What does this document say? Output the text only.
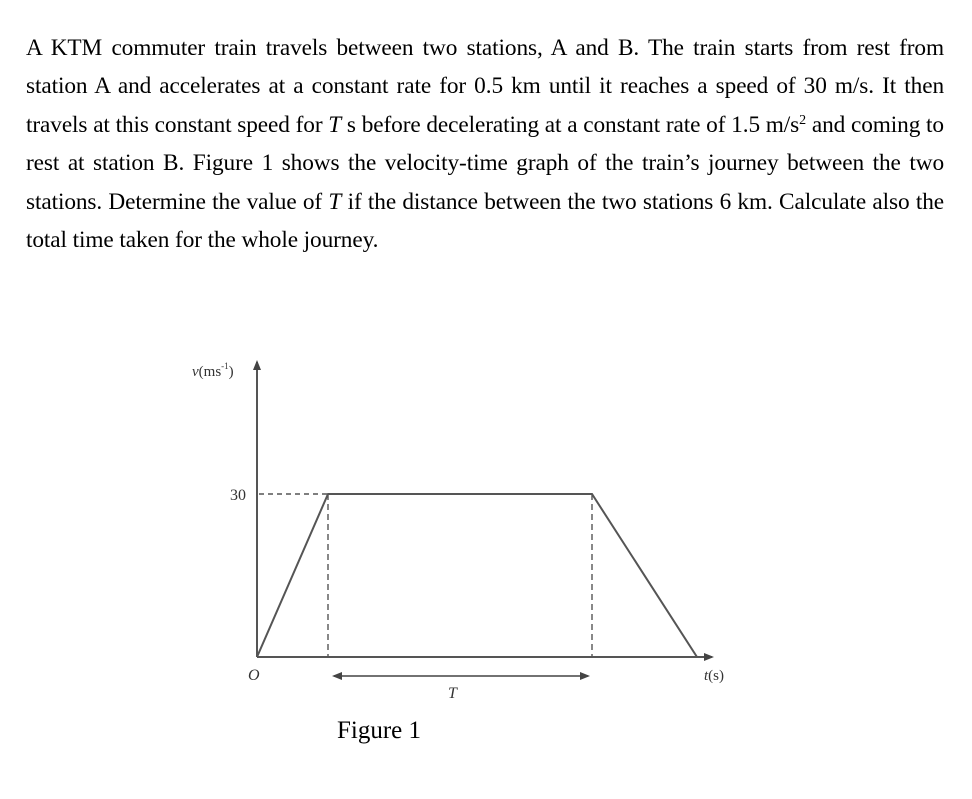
A KTM commuter train travels between two stations, A and B. The train starts from rest from station A and accelerates at a constant rate for 0.5 km until it reaches a speed of 30 m/s. It then travels at this constant speed for T s before decelerating at a constant rate of 1.5 $m/s^2$ and coming to rest at station B. Figure 1 shows the velocity-time graph of the train’s journey between the two stations. Determine the value of T if the distance between the two stations 6 km. Calculate also the total time taken for the whole journey.

$v(ms^{-1})$
30
O	t(s)
T
Figure 1
